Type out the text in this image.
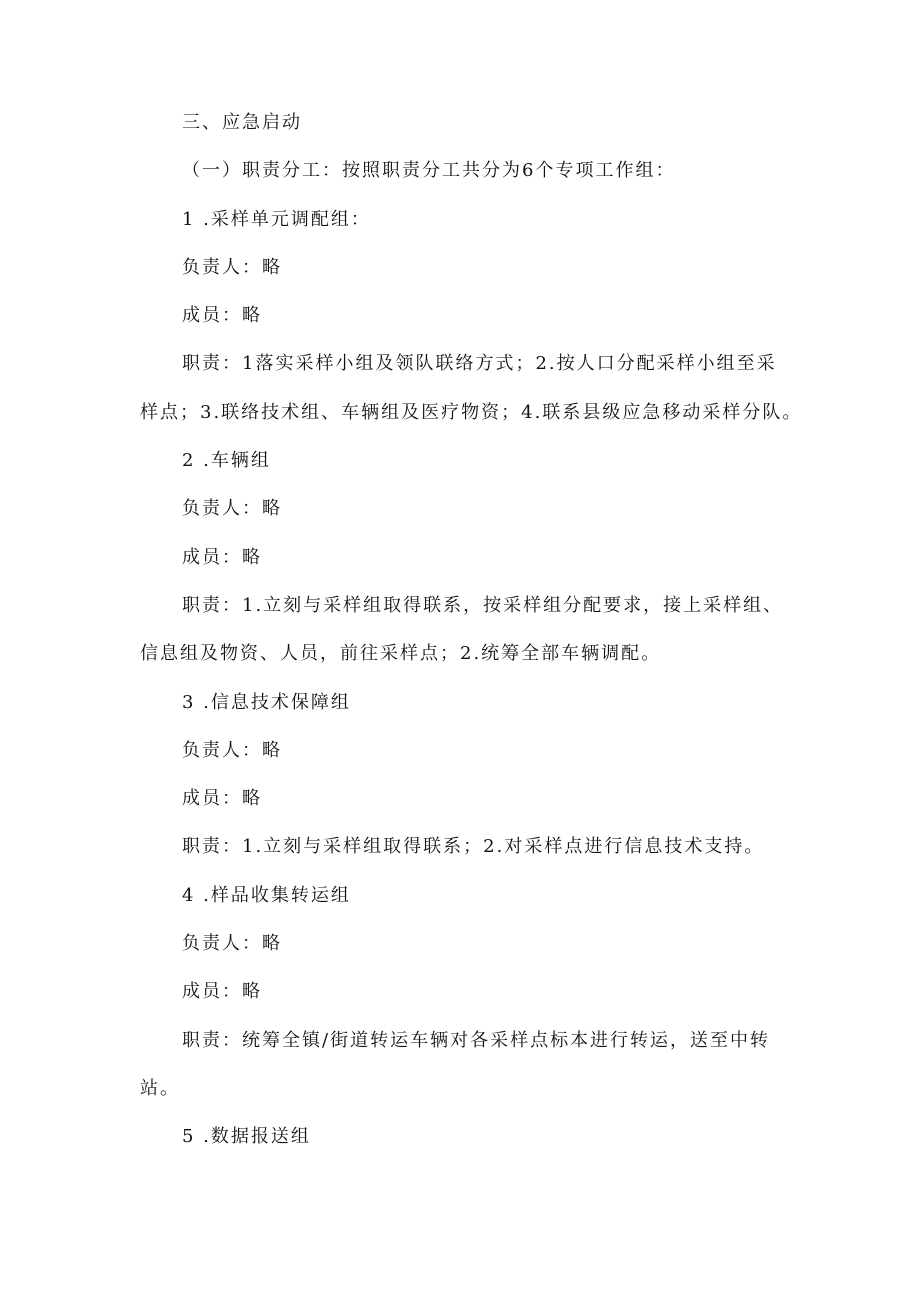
三、应急启动
（一）职责分工：按照职责分工共分为6个专项工作组：
1 .采样单元调配组：
负责人：略
成员：略
职责：1落实采样小组及领队联络方式；2.按人口分配采样小组至采
样点；3.联络技术组、车辆组及医疗物资；4.联系县级应急移动采样分队。
2 .车辆组
负责人：略
成员：略
职责：1.立刻与采样组取得联系，按采样组分配要求，接上采样组、
信息组及物资、人员，前往采样点；2.统筹全部车辆调配。
3 .信息技术保障组
负责人：略
成员：略
职责：1.立刻与采样组取得联系；2.对采样点进行信息技术支持。
4 .样品收集转运组
负责人：略
成员：略
职责：统筹全镇/街道转运车辆对各采样点标本进行转运，送至中转
站。
5 .数据报送组
